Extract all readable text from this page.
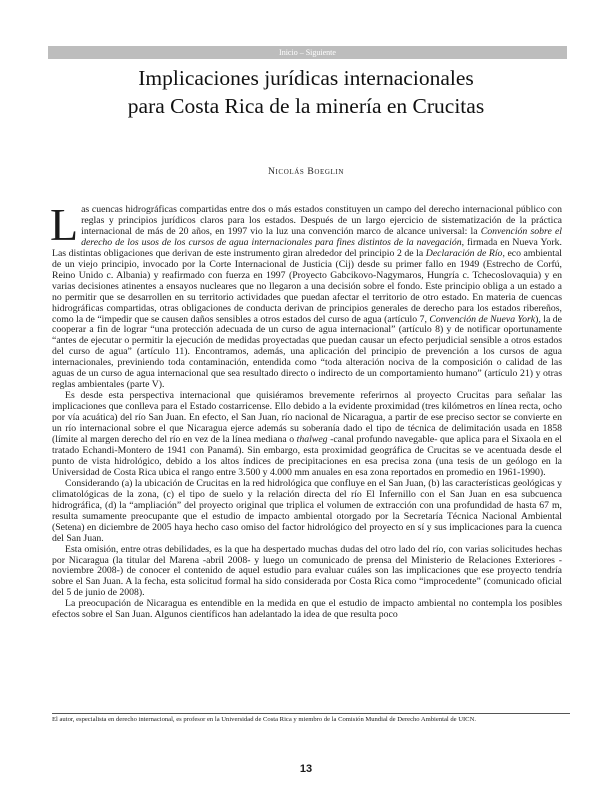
Inicio – Siguiente
Implicaciones jurídicas internacionales
para Costa Rica de la minería en Crucitas
Nicolás Boeglin

Las cuencas hidrográficas compartidas entre dos o más estados constituyen un campo del derecho internacional público con reglas y principios jurídicos claros para los estados. Después de un largo ejercicio de sistematización de la práctica internacional de más de 20 años, en 1997 vio la luz una convención marco de alcance universal: la Convención sobre el derecho de los usos de los cursos de agua internacionales para fines distintos de la navegación, firmada en Nueva York. Las distintas obligaciones que derivan de este instrumento giran alrededor del principio 2 de la Declaración de Río, eco ambiental de un viejo principio, invocado por la Corte Internacional de Justicia (Cij) desde su primer fallo en 1949 (Estrecho de Corfú, Reino Unido c. Albania) y reafirmado con fuerza en 1997 (Proyecto Gabcikovo-Nagymaros, Hungría c. Tchecoslovaquia) y en varias decisiones atinentes a ensayos nucleares que no llegaron a una decisión sobre el fondo. Este principio obliga a un estado a no permitir que se desarrollen en su territorio actividades que puedan afectar el territorio de otro estado. En materia de cuencas hidrográficas compartidas, otras obligaciones de conducta derivan de principios generales de derecho para los estados ribereños, como la de “impedir que se causen daños sensibles a otros estados del curso de agua (artículo 7, Convención de Nueva York), la de cooperar a fin de lograr “una protección adecuada de un curso de agua internacional” (artículo 8) y de notificar oportunamente “antes de ejecutar o permitir la ejecución de medidas proyectadas que puedan causar un efecto perjudicial sensible a otros estados del curso de agua” (artículo 11). Encontramos, además, una aplicación del principio de prevención a los cursos de agua internacionales, previniendo toda contaminación, entendida como “toda alteración nociva de la composición o calidad de las aguas de un curso de agua internacional que sea resultado directo o indirecto de un comportamiento humano” (artículo 21) y otras reglas ambientales (parte V).

Es desde esta perspectiva internacional que quisiéramos brevemente referirnos al proyecto Crucitas para señalar las implicaciones que conlleva para el Estado costarricense. Ello debido a la evidente proximidad (tres kilómetros en línea recta, ocho por vía acuática) del río San Juan. En efecto, el San Juan, río nacional de Nicaragua, a partir de ese preciso sector se convierte en un río internacional sobre el que Nicaragua ejerce además su soberanía dado el tipo de técnica de delimitación usada en 1858 (límite al margen derecho del río en vez de la línea mediana o thalweg -canal profundo navegable- que aplica para el Sixaola en el tratado Echandi-Montero de 1941 con Panamá). Sin embargo, esta proximidad geográfica de Crucitas se ve acentuada desde el punto de vista hidrológico, debido a los altos índices de precipitaciones en esa precisa zona (una tesis de un geólogo en la Universidad de Costa Rica ubica el rango entre 3.500 y 4.000 mm anuales en esa zona reportados en promedio en 1961-1990).

Considerando (a) la ubicación de Crucitas en la red hidrológica que confluye en el San Juan, (b) las características geológicas y climatológicas de la zona, (c) el tipo de suelo y la relación directa del río El Infernillo con el San Juan en esa subcuenca hidrográfica, (d) la “ampliación” del proyecto original que triplica el volumen de extracción con una profundidad de hasta 67 m, resulta sumamente preocupante que el estudio de impacto ambiental otorgado por la Secretaría Técnica Nacional Ambiental (Setena) en diciembre de 2005 haya hecho caso omiso del factor hidrológico del proyecto en sí y sus implicaciones para la cuenca del San Juan.

Esta omisión, entre otras debilidades, es la que ha despertado muchas dudas del otro lado del río, con varias solicitudes hechas por Nicaragua (la titular del Marena -abril 2008- y luego un comunicado de prensa del Ministerio de Relaciones Exteriores - noviembre 2008-) de conocer el contenido de aquel estudio para evaluar cuáles son las implicaciones que ese proyecto tendría sobre el San Juan. A la fecha, esta solicitud formal ha sido considerada por Costa Rica como “improcedente” (comunicado oficial del 5 de junio de 2008).

La preocupación de Nicaragua es entendible en la medida en que el estudio de impacto ambiental no contempla los posibles efectos sobre el San Juan. Algunos científicos han adelantado la idea de que resulta poco

El autor, especialista en derecho internacional, es profesor en la Universidad de Costa Rica y miembro de la Comisión Mundial de Derecho Ambiental de UICN.
13
